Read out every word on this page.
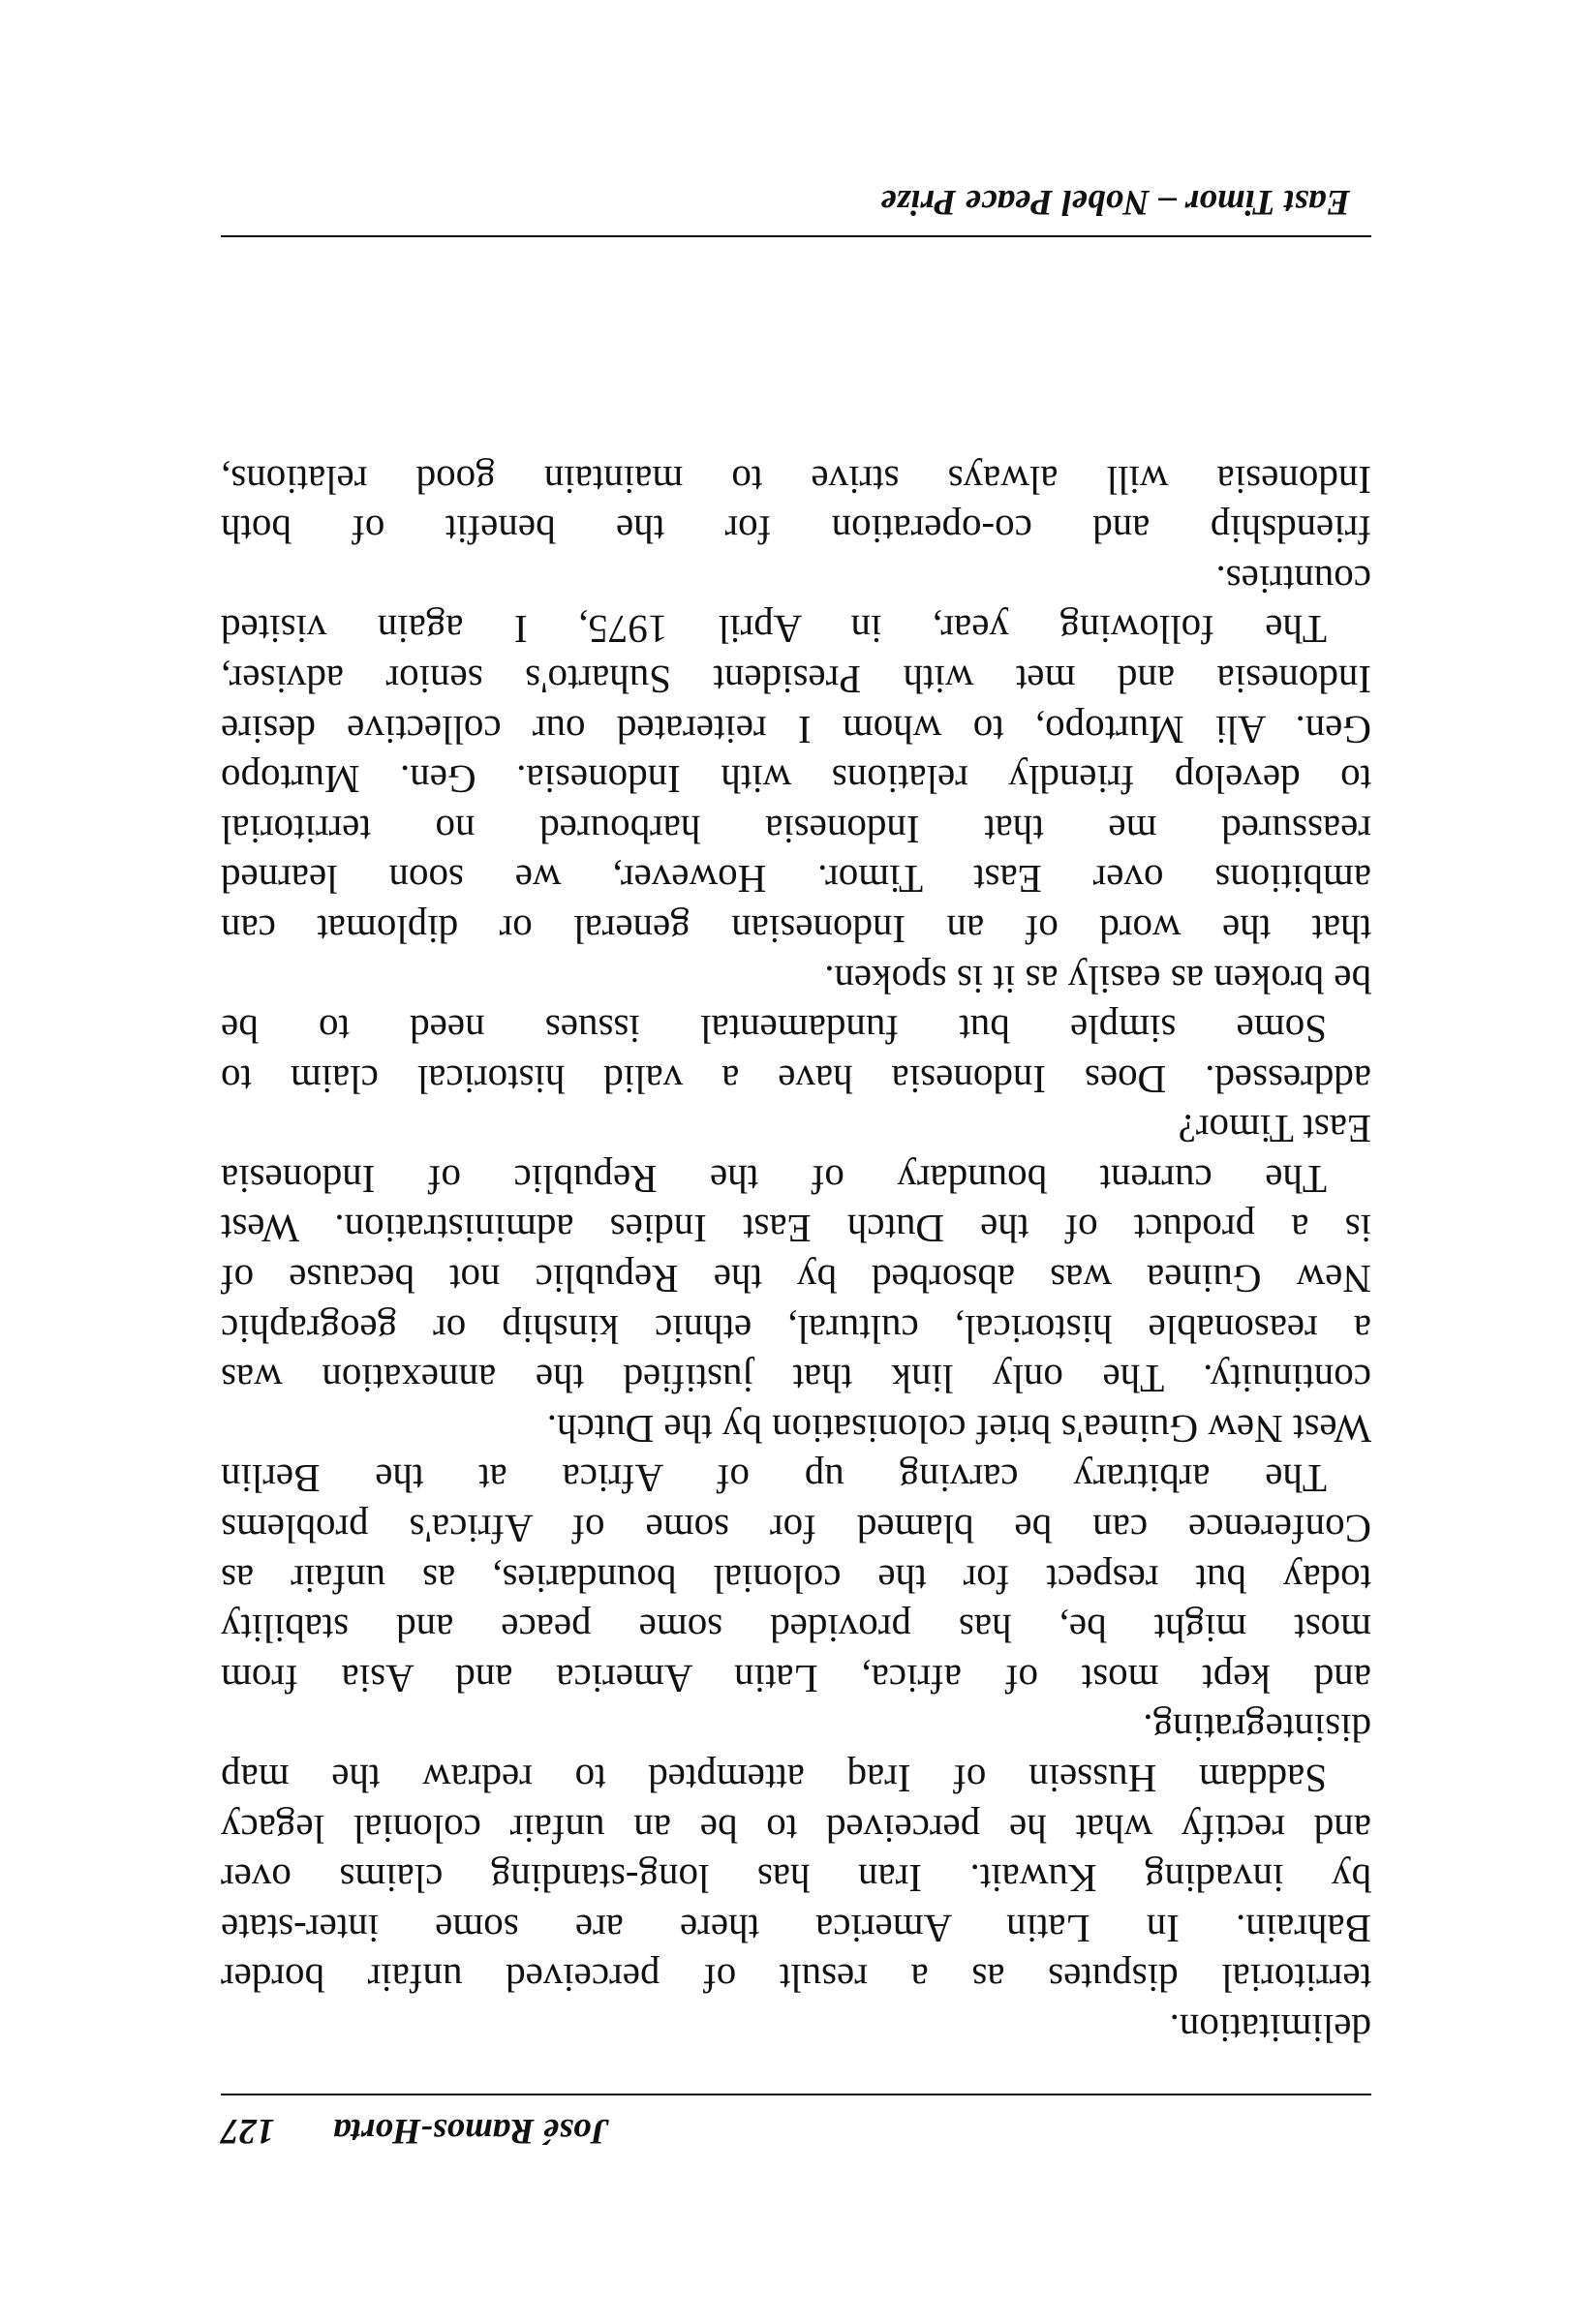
José Ramos-Horta
127
delimitation.
territorial disputes as a result of perceived unfair border
Bahrain. In Latin America there are some inter-state
by invading Kuwait. Iran has long-standing claims over
and rectify what he perceived to be an unfair colonial legacy
Saddam Hussein of Iraq attempted to redraw the map
disintegrating.
and kept most of africa, Latin America and Asia from
most might be, has provided some peace and stability
today but respect for the colonial boundaries, as unfair as
Conference can be blamed for some of Africa's problems
The arbitrary carving up of Africa at the Berlin
West New Guinea's brief colonisation by the Dutch.
continuity. The only link that justified the annexation was
a reasonable historical, cultural, ethnic kinship or geographic
New Guinea was absorbed by the Republic not because of
is a product of the Dutch East Indies administration. West
The current boundary of the Republic of Indonesia
East Timor?
addressed. Does Indonesia have a valid historical claim to
Some simple but fundamental issues need to be
be broken as easily as it is spoken.
that the word of an Indonesian general or diplomat can
ambitions over East Timor. However, we soon learned
reassured me that Indonesia harboured no territorial
to develop friendly relations with Indonesia. Gen. Murtopo
Gen. Ali Murtopo, to whom I reiterated our collective desire
Indonesia and met with President Suharto's senior adviser,
The following year, in April 1975, I again visited
countries.
friendship and co-operation for the benefit of both
Indonesia will always strive to maintain good relations,
East Timor – Nobel Peace Prize
